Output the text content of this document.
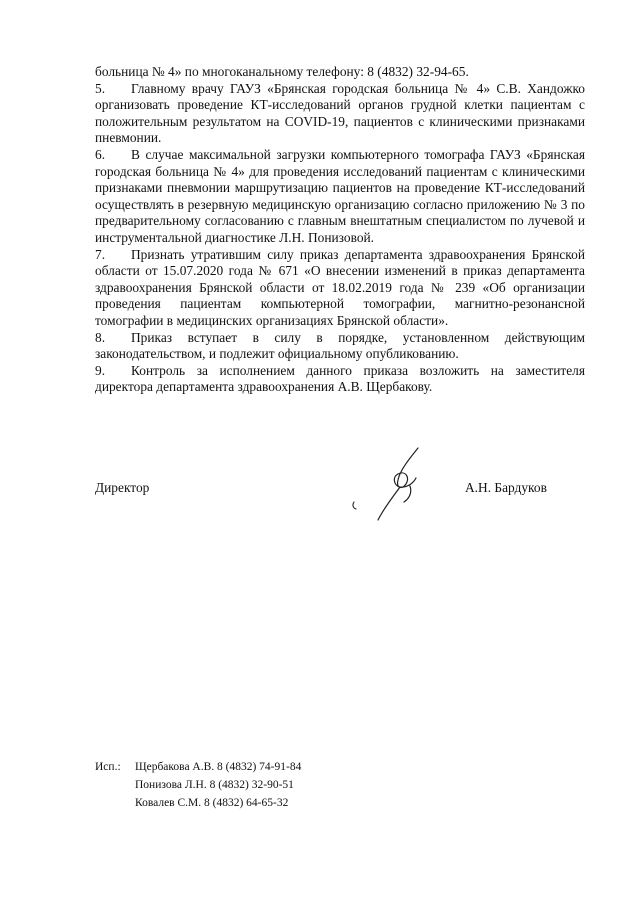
больница № 4» по многоканальному телефону: 8 (4832) 32-94-65.

5. Главному врачу ГАУЗ «Брянская городская больница № 4» С.В. Хандожко организовать проведение КТ-исследований органов грудной клетки пациентам с положительным результатом на COVID-19, пациентов с клиническими признаками пневмонии.

6. В случае максимальной загрузки компьютерного томографа ГАУЗ «Брянская городская больница № 4» для проведения исследований пациентам с клиническими признаками пневмонии маршрутизацию пациентов на проведение КТ-исследований осуществлять в резервную медицинскую организацию согласно приложению № 3 по предварительному согласованию с главным внештатным специалистом по лучевой и инструментальной диагностике Л.Н. Понизовой.

7. Признать утратившим силу приказ департамента здравоохранения Брянской области от 15.07.2020 года № 671 «О внесении изменений в приказ департамента здравоохранения Брянской области от 18.02.2019 года № 239 «Об организации проведения пациентам компьютерной томографии, магнитно-резонансной томографии в медицинских организациях Брянской области».

8. Приказ вступает в силу в порядке, установленном действующим законодательством, и подлежит официальному опубликованию.

9. Контроль за исполнением данного приказа возложить на заместителя директора департамента здравоохранения А.В. Щербакову.

Директор	А.Н. Бардуков
Исп.: Щербакова А.В. 8 (4832) 74-91-84
Понизова Л.Н. 8 (4832) 32-90-51
Ковалев С.М. 8 (4832) 64-65-32
